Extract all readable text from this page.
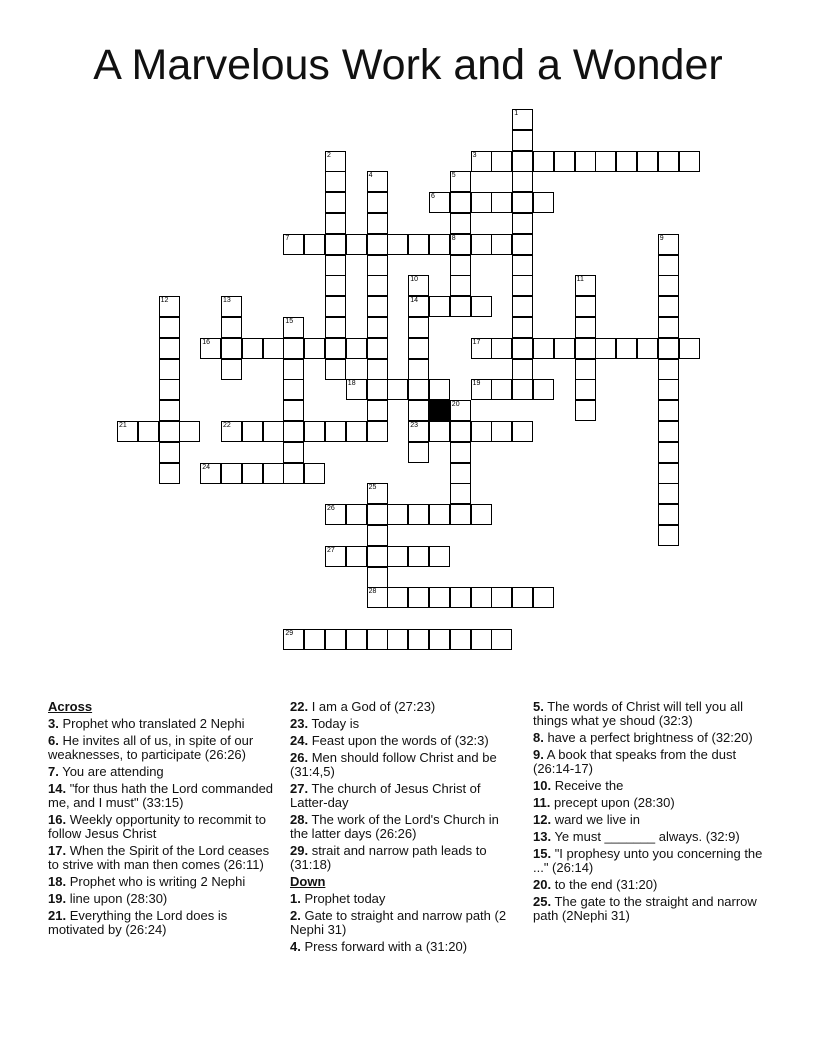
A Marvelous Work and a Wonder
3
6
7	8
14
16	17
18	19
21	22	23
24
26
27
28
29
1
2
4	5
9
10	11
12	13
15
20
25
Across
3. Prophet who translated 2 Nephi
6. He invites all of us, in spite of our weaknesses, to participate (26:26)
7. You are attending
14. "for thus hath the Lord commanded me, and I must" (33:15)
16. Weekly opportunity to recommit to follow Jesus Christ
17. When the Spirit of the Lord ceases to strive with man then comes (26:11)
18. Prophet who is writing 2 Nephi
19. line upon (28:30)
21. Everything the Lord does is motivated by (26:24)
22. I am a God of (27:23)
23. Today is
24. Feast upon the words of (32:3)
26. Men should follow Christ and be (31:4,5)
27. The church of Jesus Christ of Latter-day
28. The work of the Lord's Church in the latter days (26:26)
29. strait and narrow path leads to (31:18)
Down
1. Prophet today
2. Gate to straight and narrow path (2 Nephi 31)
4. Press forward with a (31:20)
5. The words of Christ will tell you all things what ye shoud (32:3)
8. have a perfect brightness of (32:20)
9. A book that speaks from the dust (26:14-17)
10. Receive the
11. precept upon (28:30)
12. ward we live in
13. Ye must _______ always. (32:9)
15. "I prophesy unto you concerning the ..." (26:14)
20. to the end (31:20)
25. The gate to the straight and narrow path (2Nephi 31)
